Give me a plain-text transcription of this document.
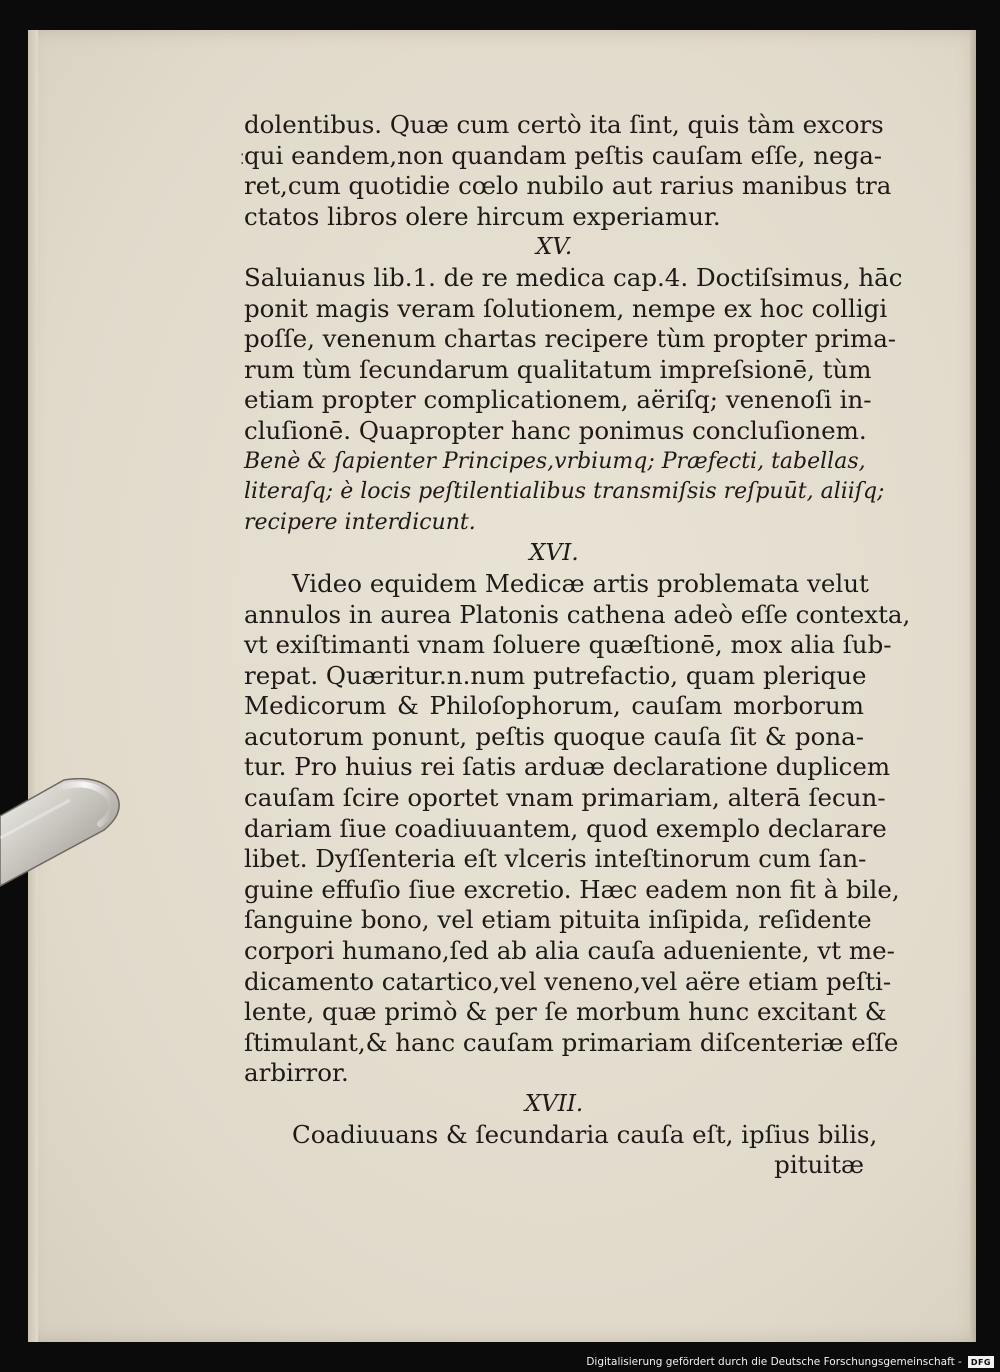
⁚
dolentibus. Quæ cum certò ita ſint, quis tàm excors
qui eandem,non quandam peſtis cauſam eſſe, nega-
ret,cum quotidie cœlo nubilo aut rarius manibus tra
ctatos libros olere hircum experiamur.
XV.
Saluianus lib.1. de re medica cap.4. Doctiſsimus, hāc
ponit magis veram ſolutionem, nempe ex hoc colligi
poſſe, venenum chartas recipere tùm propter prima-
rum tùm ſecundarum qualitatum impreſsionē, tùm
etiam propter complicationem, aëriſq; venenoſi in-
cluſionē. Quapropter hanc ponimus concluſionem.
Benè & ſapienter Principes,vrbiumq; Præfecti, tabellas,
literaſq; è locis peſtilentialibus transmiſsis reſpuūt, aliiſq;
recipere interdicunt.
XVI.
Video equidem Medicæ artis problemata velut
annulos in aurea Platonis cathena adeò eſſe contexta,
vt exiſtimanti vnam ſoluere quæſtionē, mox alia ſub-
repat. Quæritur.n.num putrefactio, quam plerique
Medicorum & Philoſophorum, cauſam morborum
acutorum ponunt, peſtis quoque cauſa ſit & pona-
tur. Pro huius rei ſatis arduæ declaratione duplicem
cauſam ſcire oportet vnam primariam, alterā ſecun-
dariam ſiue coadiuuantem, quod exemplo declarare
libet. Dyſſenteria eſt vlceris inteſtinorum cum ſan-
guine effuſio ſiue excretio. Hæc eadem non fit à bile,
ſanguine bono, vel etiam pituita inſipida, reſidente
corpori humano,ſed ab alia cauſa adueniente, vt me-
dicamento catartico,vel veneno,vel aëre etiam peſti-
lente, quæ primò & per ſe morbum hunc excitant &
ſtimulant,& hanc cauſam primariam diſcenteriæ eſſe
arbirror.
XVII.
Coadiuuans & ſecundaria cauſa eſt, ipſius bilis,
pituitæ
Digitalisierung gefördert durch die Deutsche Forschungsgemeinschaft -	DFG
